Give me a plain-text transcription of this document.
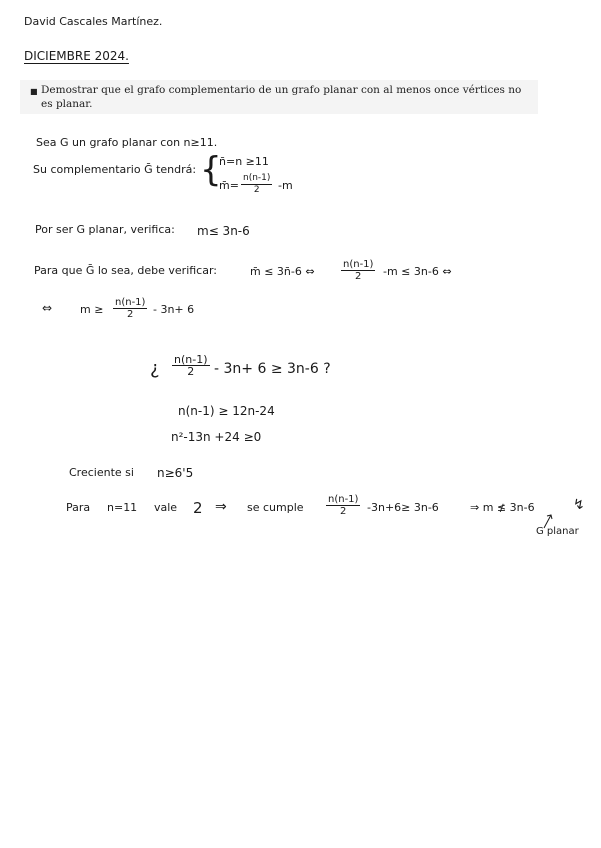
David Cascales Martínez.
DICIEMBRE 2024.
■ Demostrar que el grafo complementario de un grafo planar con al menos once vértices no es planar.
Sea G un grafo planar con n≥11.
Su complementario Ḡ tendrá: {
n̄=n ≥11
m̄= $\frac{n(n-1)}{2} -m$
Por ser G planar, verifica: m≤ 3n-6
Para que Ḡ lo sea, debe verificar:	m̄ ≤ 3n̄-6 ⇔	$\frac{n(n-1)}{2} -m \le 3n-6$ ⇔
⇔	$m \ge \frac{n(n-1)}{2} - 3n+ 6$
¿ $\frac{n(n-1)}{2} - 3n+ 6 \ge 3n-6$ ?
n(n-1) ≥ 12n-24
n²-13n +24 ≥0
Creciente si n≥6'5
Para n=11 vale 2 ⇒ se cumple $\frac{n(n-1)}{2} -3n+6\ge 3n-6$	⇒ m ≰ 3n-6	↯
G planar
